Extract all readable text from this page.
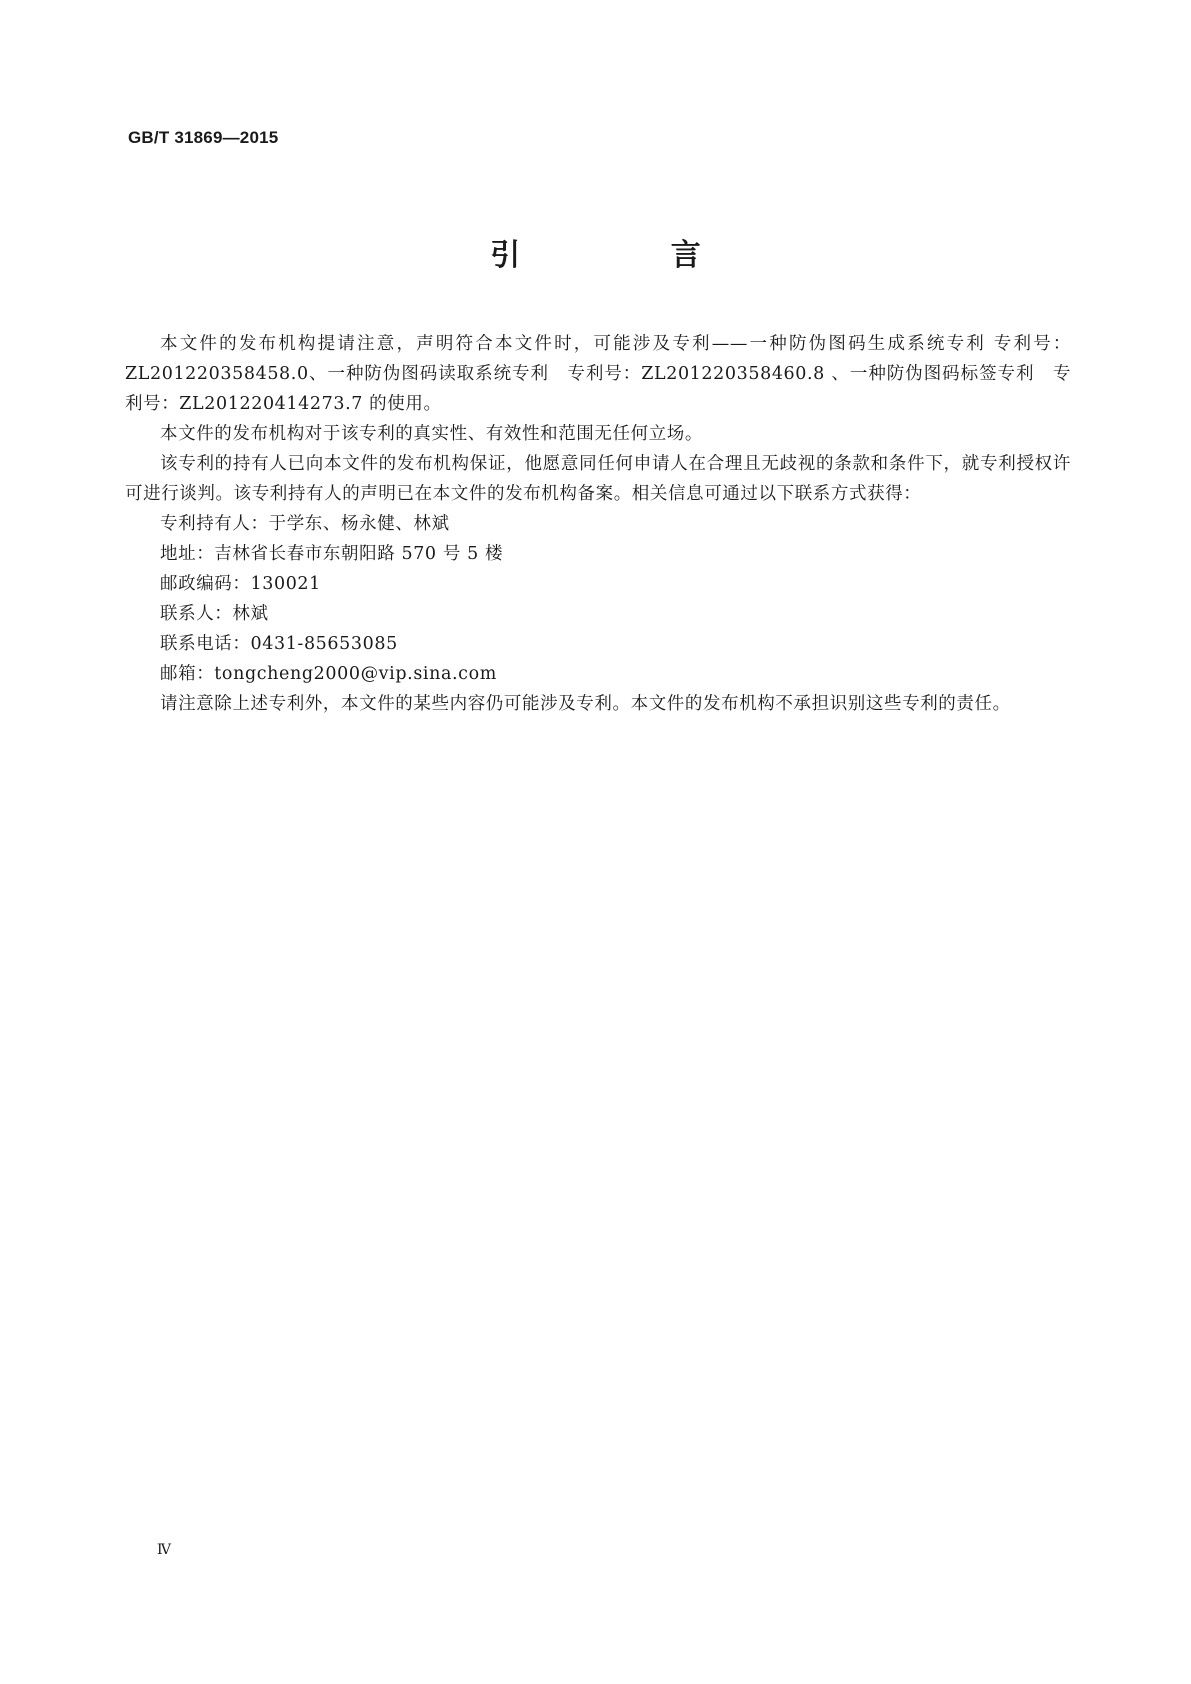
GB/T 31869—2015
引 言

本文件的发布机构提请注意，声明符合本文件时，可能涉及专利——一种防伪图码生成系统专利 专利号：ZL201220358458.0、一种防伪图码读取系统专利　专利号：ZL201220358460.8 、一种防伪图码标签专利　专利号：ZL201220414273.7 的使用。

本文件的发布机构对于该专利的真实性、有效性和范围无任何立场。

该专利的持有人已向本文件的发布机构保证，他愿意同任何申请人在合理且无歧视的条款和条件下，就专利授权许可进行谈判。该专利持有人的声明已在本文件的发布机构备案。相关信息可通过以下联系方式获得：

专利持有人：于学东、杨永健、林斌

地址：吉林省长春市东朝阳路 570 号 5 楼

邮政编码：130021

联系人：林斌

联系电话：0431-85653085

邮箱：tongcheng2000@vip.sina.com

请注意除上述专利外，本文件的某些内容仍可能涉及专利。本文件的发布机构不承担识别这些专利的责任。

Ⅳ
